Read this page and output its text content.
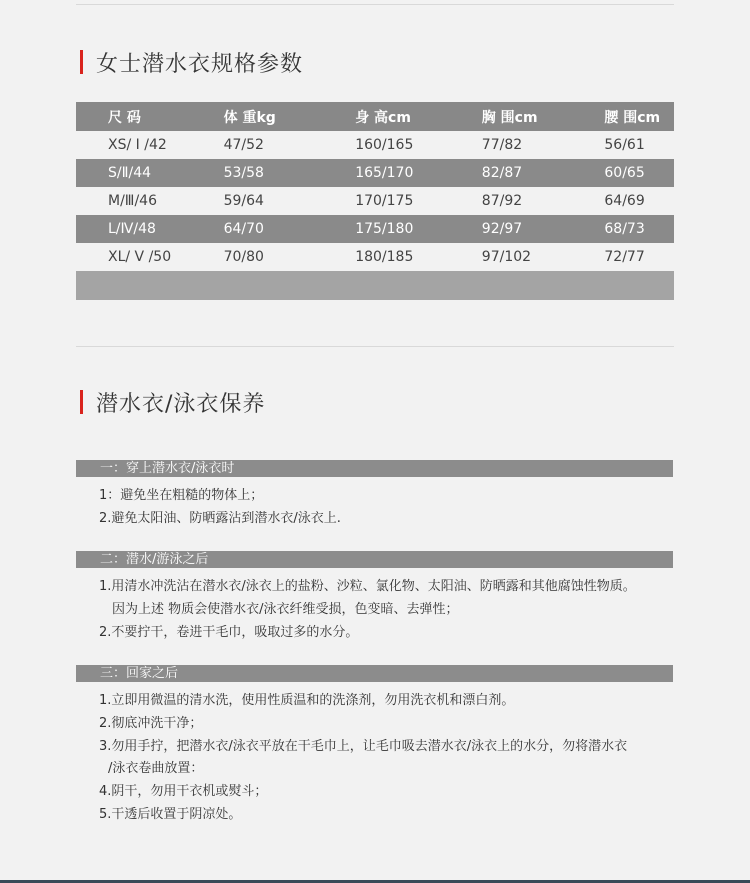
女士潜水衣规格参数
尺 码	体 重kg	身 高cm	胸 围cm	腰 围cm
XS/ I /42	47/52	160/165	77/82	56/61
S/Ⅱ/44	53/58	165/170	82/87	60/65
M/Ⅲ/46	59/64	170/175	87/92	64/69
L/Ⅳ/48	64/70	175/180	92/97	68/73
XL/ V /50	70/80	180/185	97/102	72/77

潜水衣/泳衣保养
一：穿上潜水衣/泳衣时
1：避免坐在粗糙的物体上；
2.避免太阳油、防晒露沾到潜水衣/泳衣上.
二：潜水/游泳之后
1.用清水冲洗沾在潜水衣/泳衣上的盐粉、沙粒、氯化物、太阳油、防晒露和其他腐蚀性物质。
因为上述 物质会使潜水衣/泳衣纤维受损，色变暗、去弹性；
2.不要拧干，卷进干毛巾，吸取过多的水分。
三：回家之后
1.立即用微温的清水洗，使用性质温和的洗涤剂，勿用洗衣机和漂白剂。
2.彻底冲洗干净；
3.勿用手拧，把潜水衣/泳衣平放在干毛巾上，让毛巾吸去潜水衣/泳衣上的水分，勿将潜水衣
/泳衣卷曲放置：
4.阴干，勿用干衣机或熨斗；
5.干透后收置于阴凉处。
